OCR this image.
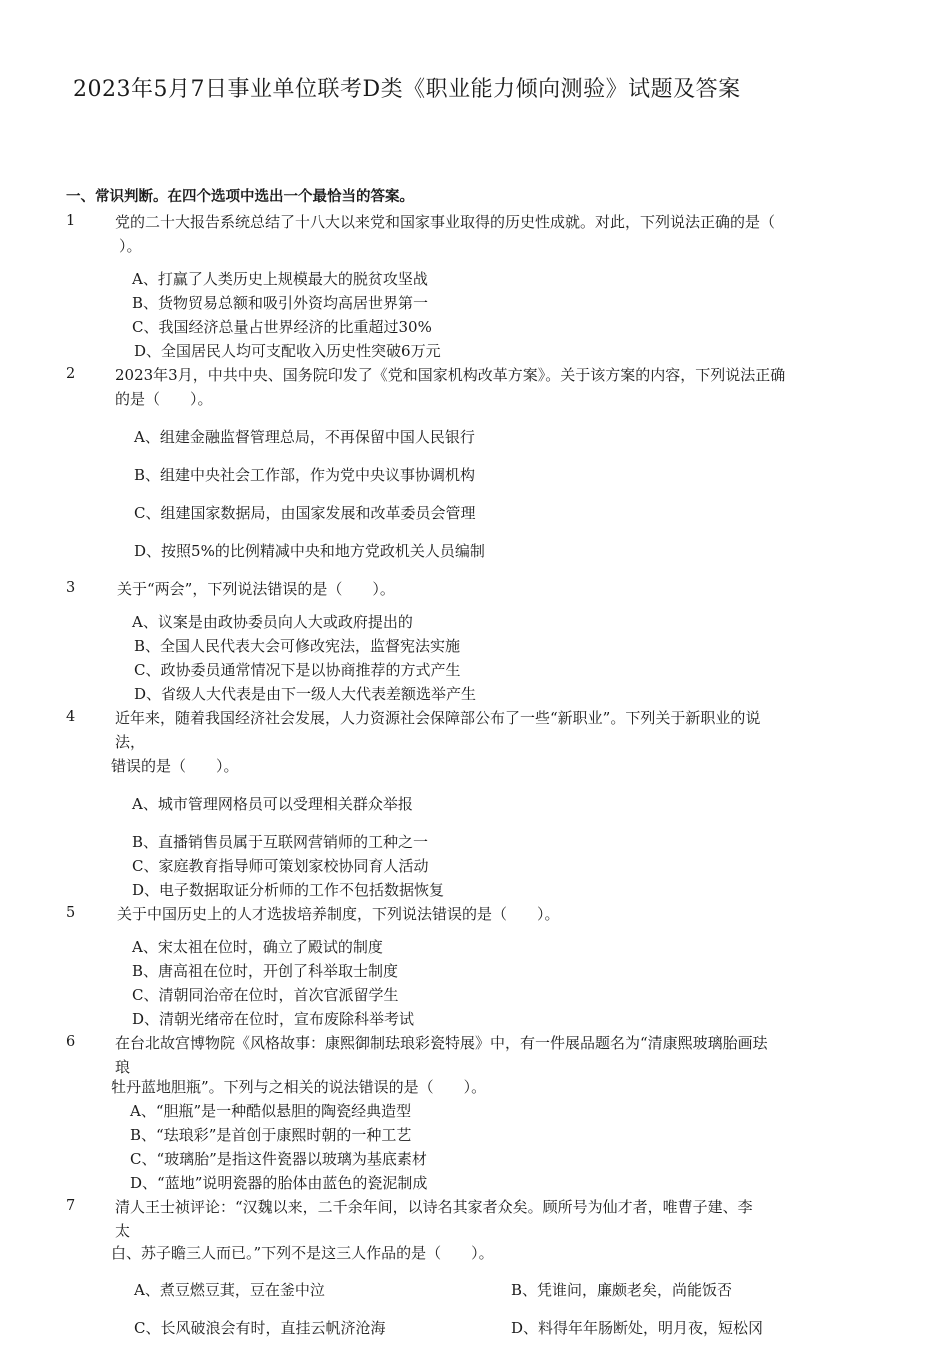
2023年5月7日事业单位联考D类《职业能力倾向测验》试题及答案
一、常识判断。在四个选项中选出一个最恰当的答案。
1	党的二十大报告系统总结了十八大以来党和国家事业取得的历史性成就。对此，下列说法正确的是（
）。
A、打赢了人类历史上规模最大的脱贫攻坚战
B、货物贸易总额和吸引外资均高居世界第一
C、我国经济总量占世界经济的比重超过30%
D、全国居民人均可支配收入历史性突破6万元
2	2023年3月，中共中央、国务院印发了《党和国家机构改革方案》。关于该方案的内容，下列说法正确
的是（　　）。
A、组建金融监督管理总局，不再保留中国人民银行
B、组建中央社会工作部，作为党中央议事协调机构
C、组建国家数据局，由国家发展和改革委员会管理
D、按照5%的比例精减中央和地方党政机关人员编制
3	关于“两会”，下列说法错误的是（　　）。
A、议案是由政协委员向人大或政府提出的
B、全国人民代表大会可修改宪法，监督宪法实施
C、政协委员通常情况下是以协商推荐的方式产生
D、省级人大代表是由下一级人大代表差额选举产生
4	近年来，随着我国经济社会发展，人力资源社会保障部公布了一些“新职业”。下列关于新职业的说
法，
错误的是（　　）。
A、城市管理网格员可以受理相关群众举报
B、直播销售员属于互联网营销师的工种之一
C、家庭教育指导师可策划家校协同育人活动
D、电子数据取证分析师的工作不包括数据恢复
5	关于中国历史上的人才选拔培养制度，下列说法错误的是（　　）。
A、宋太祖在位时，确立了殿试的制度
B、唐高祖在位时，开创了科举取士制度
C、清朝同治帝在位时，首次官派留学生
D、清朝光绪帝在位时，宣布废除科举考试
6	在台北故宫博物院《风格故事：康熙御制珐琅彩瓷特展》中，有一件展品题名为“清康熙玻璃胎画珐
琅
牡丹蓝地胆瓶”。下列与之相关的说法错误的是（　　）。
A、“胆瓶”是一种酷似悬胆的陶瓷经典造型
B、“珐琅彩”是首创于康熙时朝的一种工艺
C、“玻璃胎”是指这件瓷器以玻璃为基底素材
D、“蓝地”说明瓷器的胎体由蓝色的瓷泥制成
7	清人王士祯评论：“汉魏以来，二千余年间，以诗名其家者众矣。顾所号为仙才者，唯曹子建、李
太
白、苏子瞻三人而已。”下列不是这三人作品的是（　　）。
A、煮豆燃豆萁，豆在釜中泣	B、凭谁问，廉颇老矣，尚能饭否
C、长风破浪会有时，直挂云帆济沧海	D、料得年年肠断处，明月夜，短松冈
